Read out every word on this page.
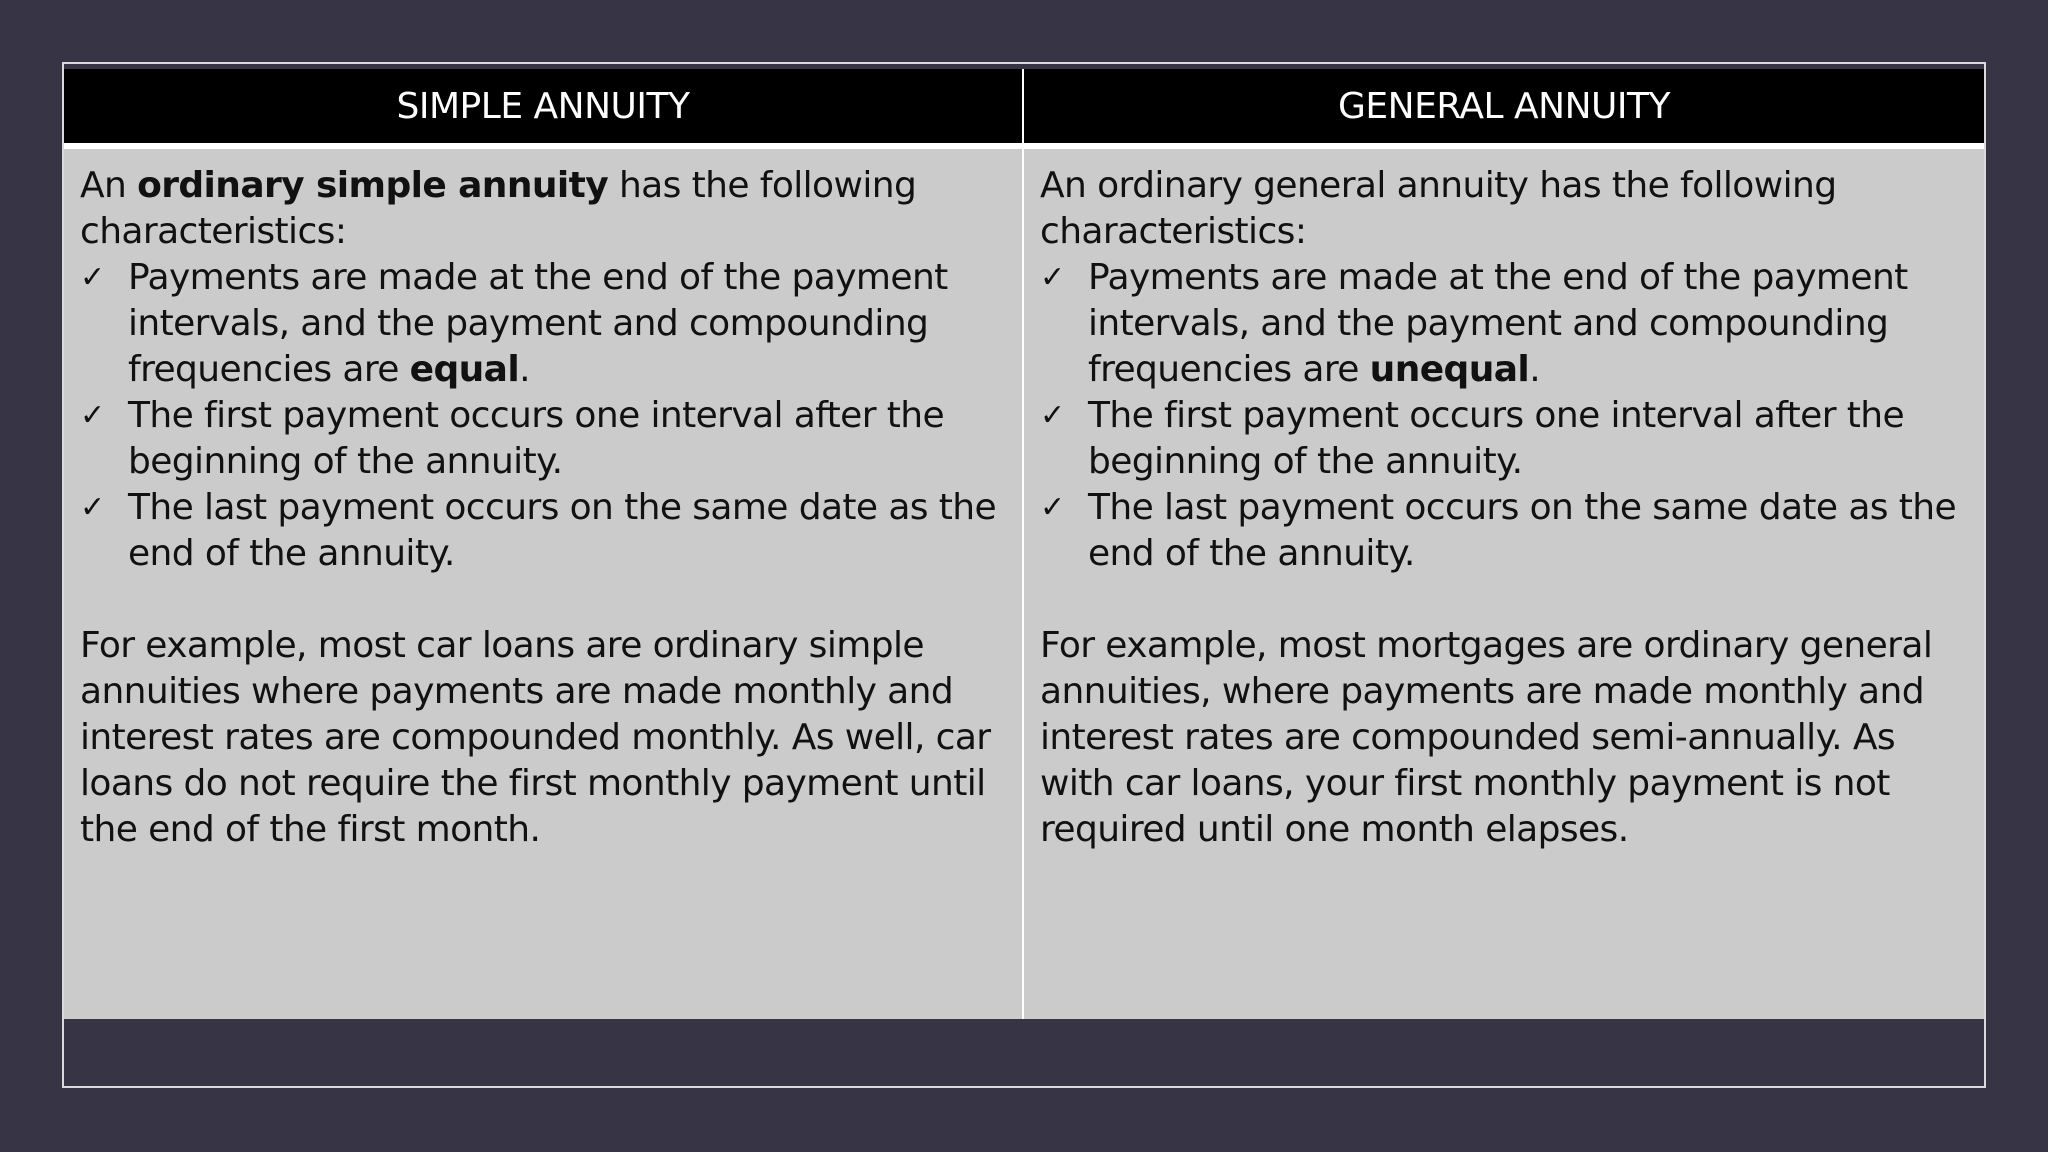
SIMPLE ANNUITY	GENERAL ANNUITY
An ordinary simple annuity has the following characteristics:
✓ Payments are made at the end of the payment intervals, and the payment and compounding frequencies are equal.
✓ The first payment occurs one interval after the beginning of the annuity.
✓ The last payment occurs on the same date as the end of the annuity.
For example, most car loans are ordinary simple annuities where payments are made monthly and interest rates are compounded monthly. As well, car loans do not require the first monthly payment until the end of the first month.
An ordinary general annuity has the following characteristics:
✓ Payments are made at the end of the payment intervals, and the payment and compounding frequencies are unequal.
✓ The first payment occurs one interval after the beginning of the annuity.
✓ The last payment occurs on the same date as the end of the annuity.
For example, most mortgages are ordinary general annuities, where payments are made monthly and interest rates are compounded semi-annually. As with car loans, your first monthly payment is not required until one month elapses.
